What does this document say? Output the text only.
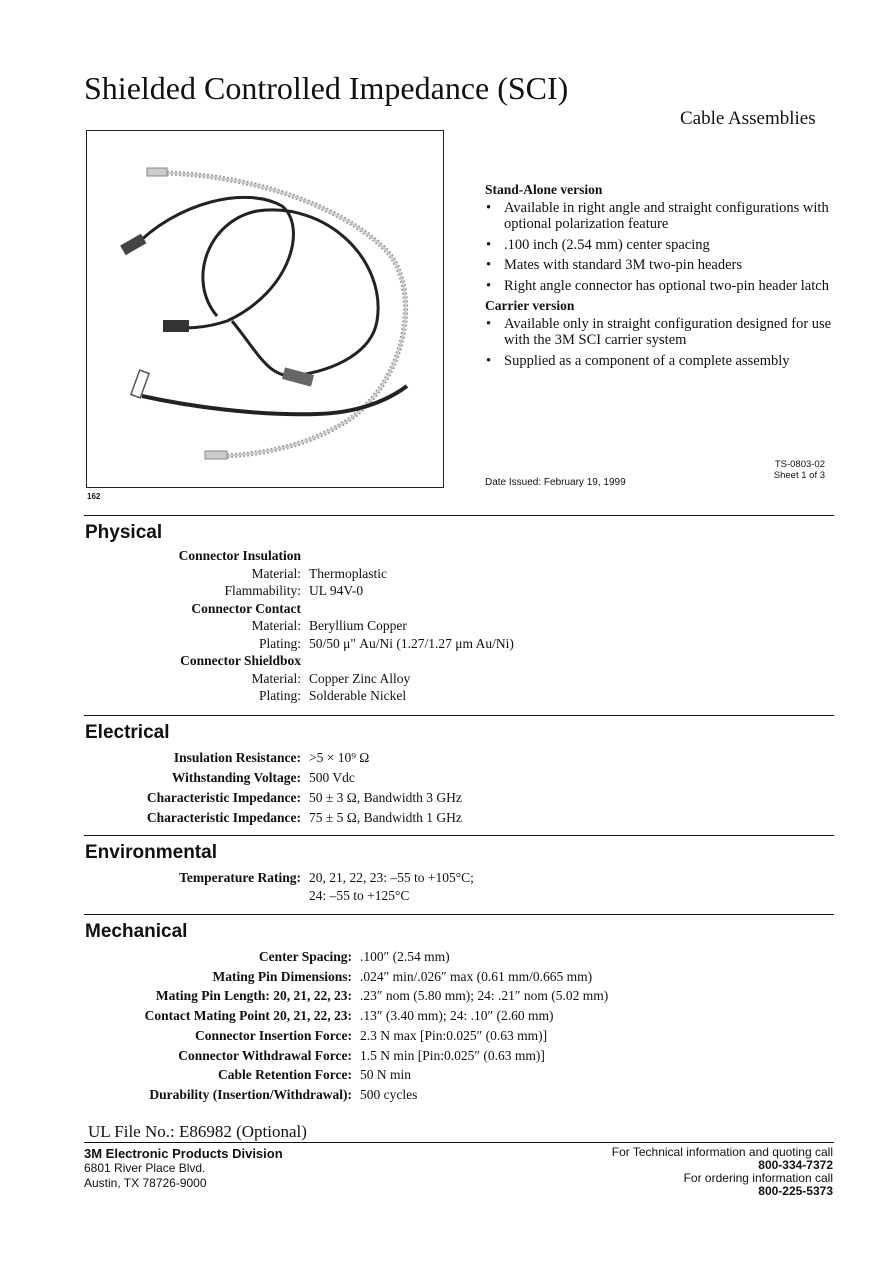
Shielded Controlled Impedance (SCI)
Cable Assemblies
162
Stand-Alone version
• Available in right angle and straight configurations with optional polarization feature
• .100 inch (2.54 mm) center spacing
• Mates with standard 3M two-pin headers
• Right angle connector has optional two-pin header latch
Carrier version
• Available only in straight configuration designed for use with the 3M SCI carrier system
• Supplied as a component of a complete assembly
TS-0803-02
Sheet 1 of 3
Date Issued: February 19, 1999
Physical
Connector Insulation
Material: Thermoplastic
Flammability: UL 94V-0
Connector Contact
Material: Beryllium Copper
Plating: 50/50 μ" Au/Ni (1.27/1.27 μm Au/Ni)
Connector Shieldbox
Material: Copper Zinc Alloy
Plating: Solderable Nickel
Electrical
Insulation Resistance: >5 × 10⁹ Ω
Withstanding Voltage: 500 Vdc
Characteristic Impedance: 50 ± 3 Ω, Bandwidth 3 GHz
Characteristic Impedance: 75 ± 5 Ω, Bandwidth 1 GHz
Environmental
Temperature Rating: 20, 21, 22, 23: –55 to +105°C;
24: –55 to +125°C
Mechanical
Center Spacing: .100″ (2.54 mm)
Mating Pin Dimensions: .024″ min/.026″ max (0.61 mm/0.665 mm)
Mating Pin Length: 20, 21, 22, 23: .23″ nom (5.80 mm); 24: .21″ nom (5.02 mm)
Contact Mating Point 20, 21, 22, 23: .13″ (3.40 mm); 24: .10″ (2.60 mm)
Connector Insertion Force: 2.3 N max [Pin:0.025″ (0.63 mm)]
Connector Withdrawal Force: 1.5 N min [Pin:0.025″ (0.63 mm)]
Cable Retention Force: 50 N min
Durability (Insertion/Withdrawal): 500 cycles
UL File No.: E86982 (Optional)
3M Electronic Products Division
6801 River Place Blvd.
Austin, TX 78726-9000
For Technical information and quoting call
800-334-7372
For ordering information call
800-225-5373
